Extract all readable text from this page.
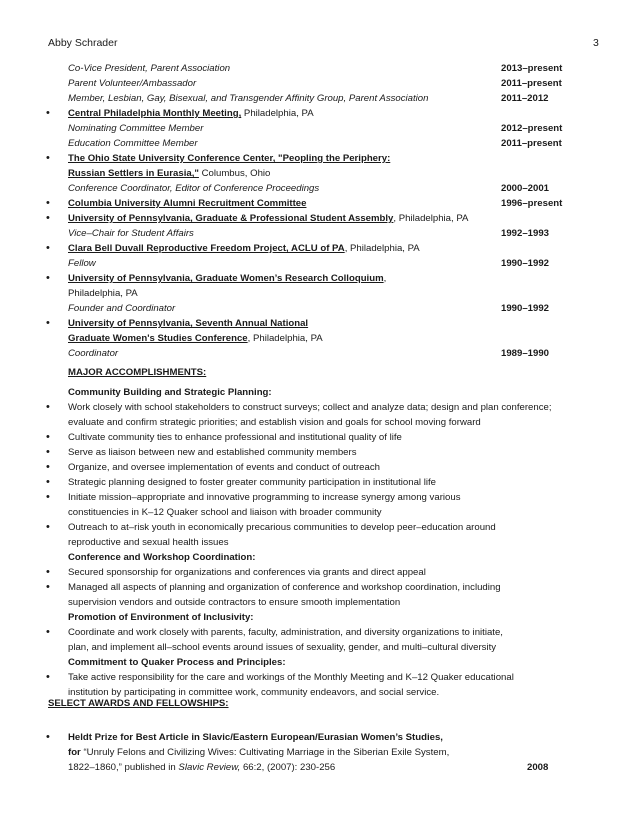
Abby Schrader	3
Co-Vice President, Parent Association	2013–present
Parent Volunteer/Ambassador	2011–present
Member, Lesbian, Gay, Bisexual, and Transgender Affinity Group, Parent Association	2011–2012
• Central Philadelphia Monthly Meeting, Philadelphia, PA
Nominating Committee Member	2012–present
Education Committee Member	2011–present
• The Ohio State University Conference Center, "Peopling the Periphery:
Russian Settlers in Eurasia," Columbus, Ohio
Conference Coordinator, Editor of Conference Proceedings	2000–2001
• Columbia University Alumni Recruitment Committee	1996–present
• University of Pennsylvania, Graduate & Professional Student Assembly, Philadelphia, PA
Vice–Chair for Student Affairs	1992–1993
• Clara Bell Duvall Reproductive Freedom Project, ACLU of PA, Philadelphia, PA
Fellow	1990–1992
• University of Pennsylvania, Graduate Women’s Research Colloquium,
Philadelphia, PA
Founder and Coordinator	1990–1992
• University of Pennsylvania, Seventh Annual National
Graduate Women's Studies Conference, Philadelphia, PA
Coordinator	1989–1990
MAJOR ACCOMPLISHMENTS:
Community Building and Strategic Planning:
• Work closely with school stakeholders to construct surveys; collect and analyze data; design and plan conference;
evaluate and confirm strategic priorities; and establish vision and goals for school moving forward
• Cultivate community ties to enhance professional and institutional quality of life
• Serve as liaison between new and established community members
• Organize, and oversee implementation of events and conduct of outreach
• Strategic planning designed to foster greater community participation in institutional life
• Initiate mission–appropriate and innovative programming to increase synergy among various
constituencies in K–12 Quaker school and liaison with broader community
• Outreach to at–risk youth in economically precarious communities to develop peer–education around
reproductive and sexual health issues
Conference and Workshop Coordination:
• Secured sponsorship for organizations and conferences via grants and direct appeal
• Managed all aspects of planning and organization of conference and workshop coordination, including
supervision vendors and outside contractors to ensure smooth implementation
Promotion of Environment of Inclusivity:
• Coordinate and work closely with parents, faculty, administration, and diversity organizations to initiate,
plan, and implement all–school events around issues of sexuality, gender, and multi–cultural diversity
Commitment to Quaker Process and Principles:
• Take active responsibility for the care and workings of the Monthly Meeting and K–12 Quaker educational
institution by participating in committee work, community endeavors, and social service.
SELECT AWARDS AND FELLOWSHIPS:
• Heldt Prize for Best Article in Slavic/Eastern European/Eurasian Women’s Studies,
for “Unruly Felons and Civilizing Wives: Cultivating Marriage in the Siberian Exile System,
1822–1860,” published in Slavic Review, 66:2, (2007): 230-256	2008
